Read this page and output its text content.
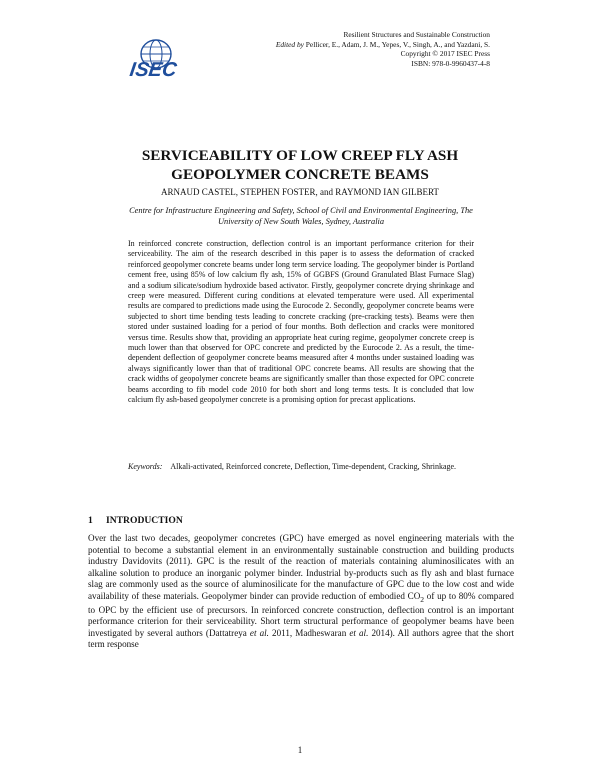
ISEC
Resilient Structures and Sustainable Construction
Edited by Pellicer, E., Adam, J. M., Yepes, V., Singh, A., and Yazdani, S.
Copyright © 2017 ISEC Press
ISBN: 978-0-9960437-4-8
SERVICEABILITY OF LOW CREEP FLY ASH
GEOPOLYMER CONCRETE BEAMS
ARNAUD CASTEL, STEPHEN FOSTER, and RAYMOND IAN GILBERT
Centre for Infrastructure Engineering and Safety, School of Civil and Environmental Engineering, The University of New South Wales, Sydney, Australia

In reinforced concrete construction, deflection control is an important performance criterion for their serviceability. The aim of the research described in this paper is to assess the deformation of cracked reinforced geopolymer concrete beams under long term service loading. The geopolymer binder is Portland cement free, using 85% of low calcium fly ash, 15% of GGBFS (Ground Granulated Blast Furnace Slag) and a sodium silicate/sodium hydroxide based activator. Firstly, geopolymer concrete drying shrinkage and creep were measured. Different curing conditions at elevated temperature were used. All experimental results are compared to predictions made using the Eurocode 2. Secondly, geopolymer concrete beams were subjected to short time bending tests leading to concrete cracking (pre-cracking tests). Beams were then stored under sustained loading for a period of four months. Both deflection and cracks were monitored versus time. Results show that, providing an appropriate heat curing regime, geopolymer concrete creep is much lower than that observed for OPC concrete and predicted by the Eurocode 2. As a result, the time-dependent deflection of geopolymer concrete beams measured after 4 months under sustained loading was always significantly lower than that of traditional OPC concrete beams. All results are showing that the crack widths of geopolymer concrete beams are significantly smaller than those expected for OPC concrete beams according to fib model code 2010 for both short and long terms tests. It is concluded that low calcium fly ash-based geopolymer concrete is a promising option for precast applications.

Keywords: Alkali-activated, Reinforced concrete, Deflection, Time-dependent, Cracking, Shrinkage.

1 INTRODUCTION

Over the last two decades, geopolymer concretes (GPC) have emerged as novel engineering materials with the potential to become a substantial element in an environmentally sustainable construction and building products industry Davidovits (2011). GPC is the result of the reaction of materials containing aluminosilicates with an alkaline solution to produce an inorganic polymer binder. Industrial by-products such as fly ash and blast furnace slag are commonly used as the source of aluminosilicate for the manufacture of GPC due to the low cost and wide availability of these materials. Geopolymer binder can provide reduction of embodied $CO_2$ of up to 80% compared to OPC by the efficient use of precursors. In reinforced concrete construction, deflection control is an important performance criterion for their serviceability. Short term structural performance of geopolymer beams have been investigated by several authors (Dattatreya et al. 2011, Madheswaran et al. 2014). All authors agree that the short term response

1
